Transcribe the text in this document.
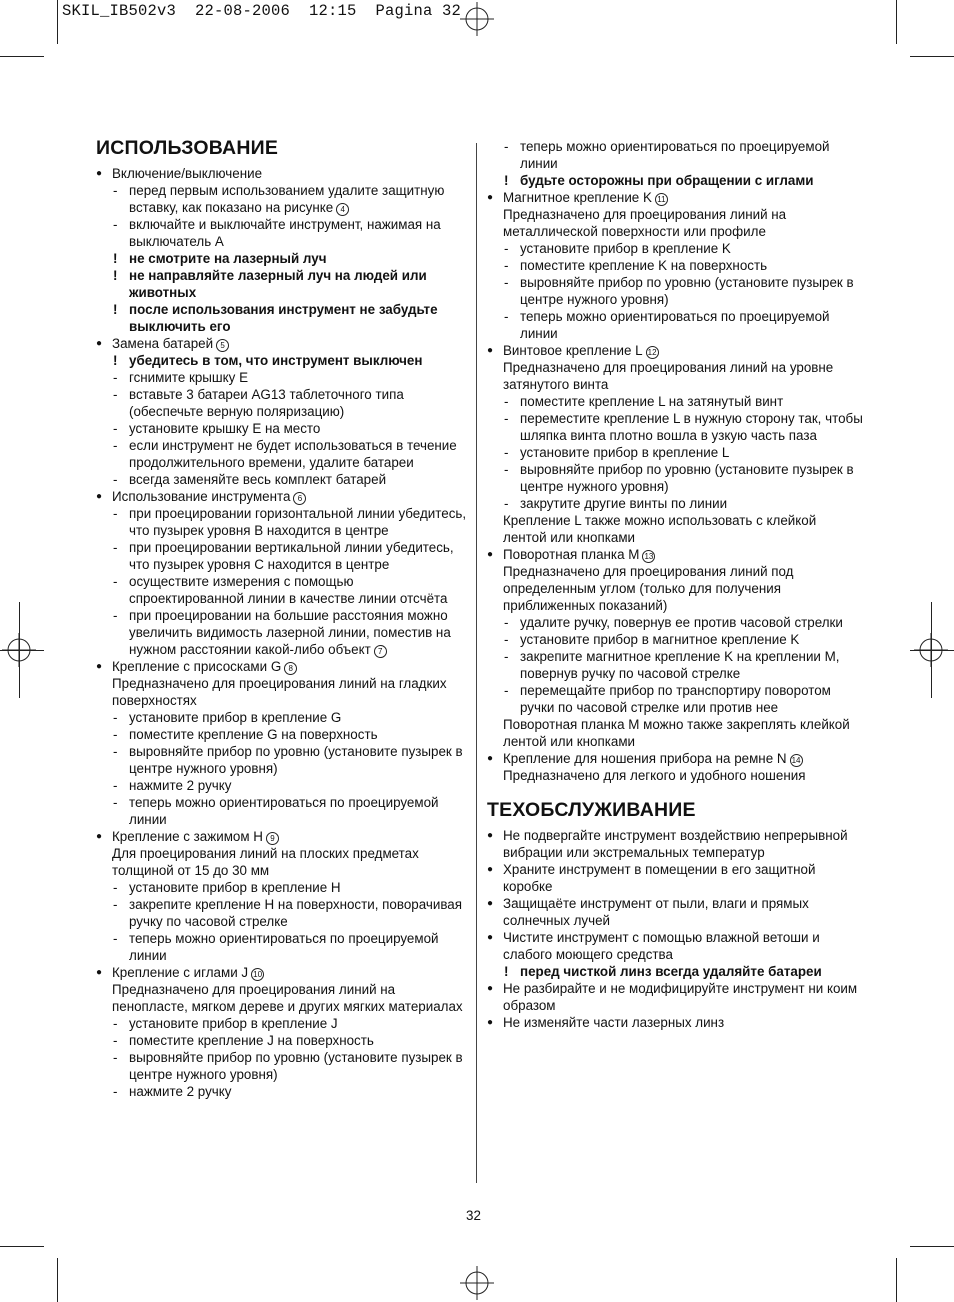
SKIL_IB502v3  22-08-2006  12:15  Pagina 32
ИСПОЛЬЗОВАНИЕ
● Включение/выключение
- перед первым использованием удалите защитную вставку, как показано на рисунке 4
- включайте и выключайте инструмент, нажимая на выключатель A
! не смотрите на лазерный луч
! не направляйте лазерный луч на людей или животных
! после использования инструмент не забудьте выключить его
● Замена батарей 5
! убедитесь в том, что инструмент выключен
- гснимите крышку E
- вставьте 3 батареи AG13 таблеточного типа (обеспечьте верную поляризацию)
- установите крышку E на место
- если инструмент не будет использоваться в течение продолжительного времени, удалите батареи
- всегда заменяйте весь комплект батарей
● Использование инструмента 6
- при проецировании горизонтальной линии убедитесь, что пузырек уровня B находится в центре
- при проецировании вертикальной линии убедитесь, что пузырек уровня C находится в центре
- осуществите измерения с помощью спроектированной линии в качестве линии отсчёта
- при проецировании на большие расстояния можно увеличить видимость лазерной линии, поместив на нужном расстоянии какой-либо объект 7
● Крепление с присосками G 8
Предназначено для проецирования линий на гладких поверхностях
- установите прибор в крепление G
- поместите крепление G на поверхность
- выровняйте прибор по уровню (установите пузырек в центре нужного уровня)
- нажмите 2 ручку
- теперь можно ориентироваться по проецируемой линии
● Крепление с зажимом H 9
Для проецирования линий на плоских предметах толщиной от 15 до 30 мм
- установите прибор в крепление H
- закрепите крепление H на поверхности, поворачивая ручку по часовой стрелке
- теперь можно ориентироваться по проецируемой линии
● Крепление с иглами J 10
Предназначено для проецирования линий на пенопласте, мягком дереве и других мягких материалах
- установите прибор в крепление J
- поместите крепление J на поверхность
- выровняйте прибор по уровню (установите пузырек в центре нужного уровня)
- нажмите 2 ручку
- теперь можно ориентироваться по проецируемой линии
! будьте осторожны при обращении с иглами
● Магнитное крепление K 11
Предназначено для проецирования линий на металлической поверхности или профиле
- установите прибор в крепление K
- поместите крепление K на поверхность
- выровняйте прибор по уровню (установите пузырек в центре нужного уровня)
- теперь можно ориентироваться по проецируемой линии
● Винтовое крепление L 12
Предназначено для проецирования линий на уровне затянутого винта
- поместите крепление L на затянутый винт
- переместите крепление L в нужную сторону так, чтобы шляпка винта плотно вошла в узкую часть паза
- установите прибор в крепление L
- выровняйте прибор по уровню (установите пузырек в центре нужного уровня)
- закрутите другие винты по линии
Крепление L также можно использовать с клейкой лентой или кнопками
● Поворотная планка M 13
Предназначено для проецирования линий под определенным углом (только для получения приближенных показаний)
- удалите ручку, повернув ее против часовой стрелки
- установите прибор в магнитное крепление K
- закрепите магнитное крепление K на креплении M, повернув ручку по часовой стрелке
- перемещайте прибор по транспортиру поворотом ручки по часовой стрелке или против нее
Поворотная планка M можно также закреплять клейкой лентой или кнопками
● Крепление для ношения прибора на ремне N 14
Предназначено для легкого и удобного ношения
ТЕХОБСЛУЖИВАНИЕ
● Не подвергайте инструмент воздействию непрерывной вибрации или экстремальных температур
● Храните инструмент в помещении в его защитной коробке
● Защищаёте инструмент от пыли, влаги и прямых солнечных лучей
● Чистите инструмент с помощью влажной ветоши и слабого моющего средства
! перед чисткой линз всегда удаляйте батареи
● Не разбирайте и не модифицируйте инструмент ни коим образом
● Не изменяйте части лазерных линз
32
